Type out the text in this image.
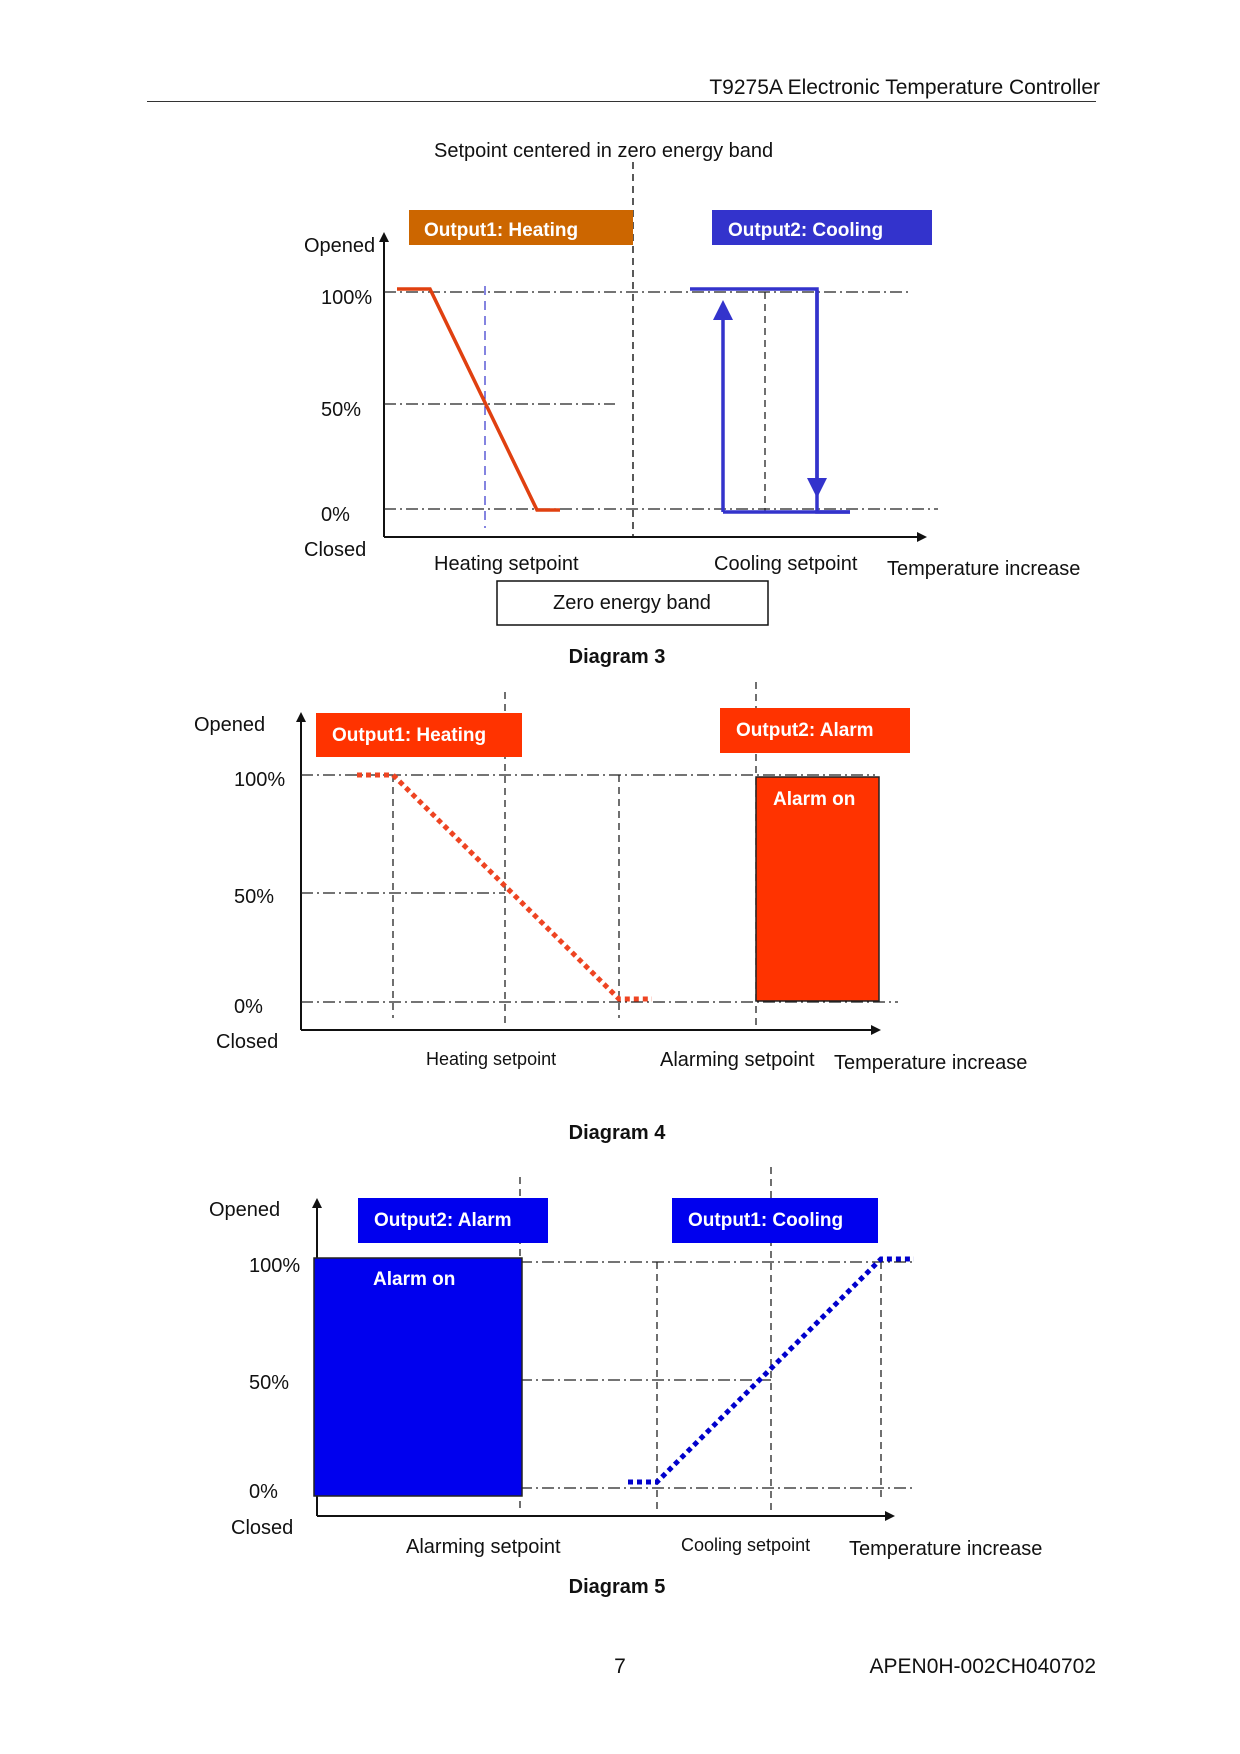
T9275A Electronic Temperature Controller
Setpoint centered in zero energy band
Output1: Heating	Output2: Cooling
Opened
100%
50%
0%
Closed
Heating setpoint	Cooling setpoint Temperature increase
Zero energy band
Diagram 3
Output1: Heating	Output2: Alarm
Opened
100%
50%
0%
Closed
Alarm on
Heating setpoint	Alarming setpoint Temperature increase
Diagram 4
Output2: Alarm	Output1: Cooling
Opened
100%
50%
0%
Closed
Alarm on
Alarming setpoint	Cooling setpoint Temperature increase
Diagram 5
7	APEN0H-002CH040702
